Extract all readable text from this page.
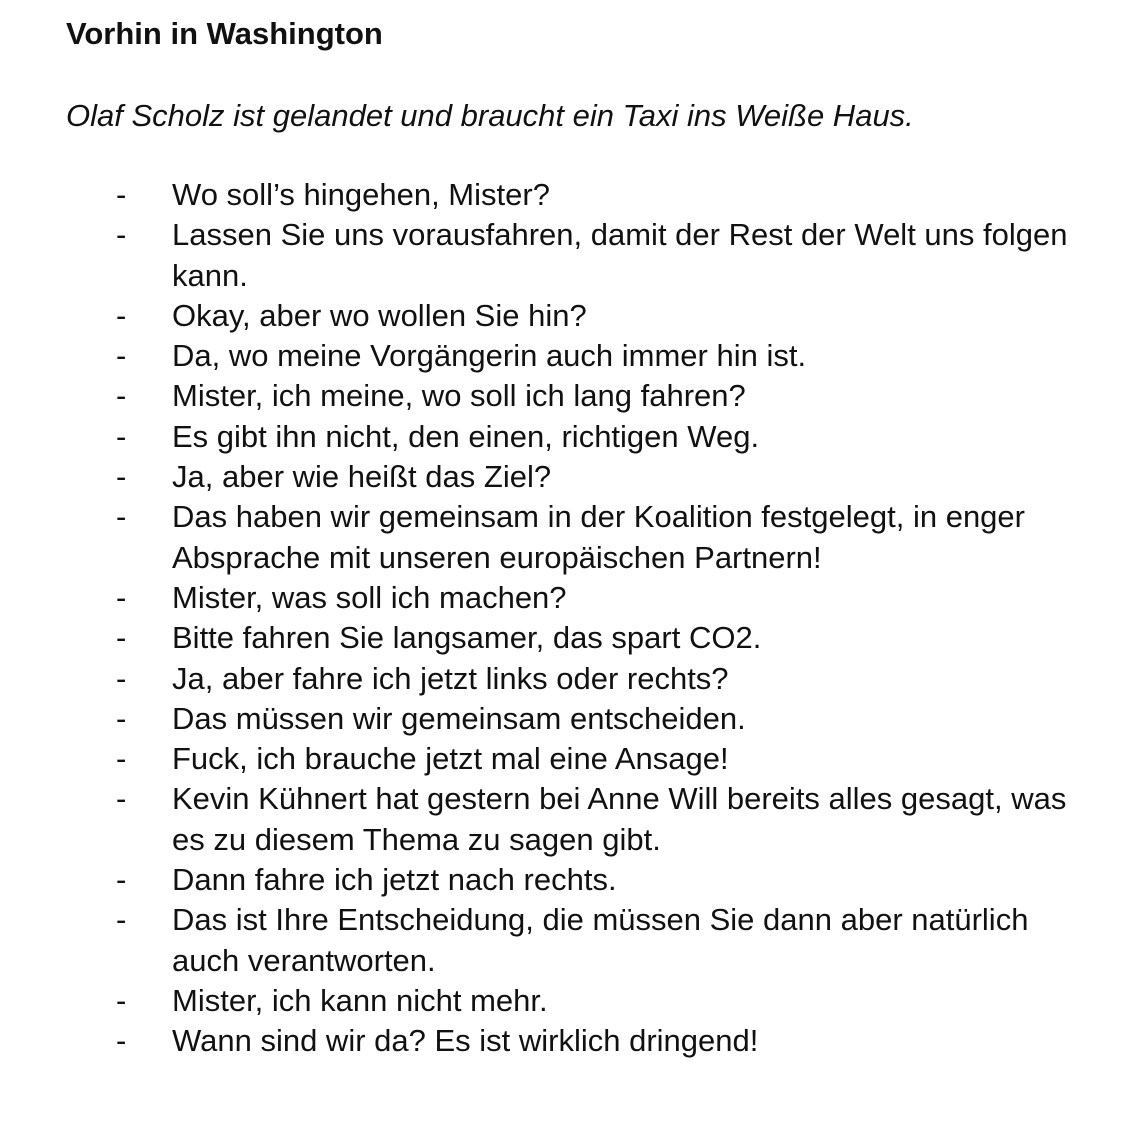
Vorhin in Washington
Olaf Scholz ist gelandet und braucht ein Taxi ins Weiße Haus.
- Wo soll’s hingehen, Mister?
- Lassen Sie uns vorausfahren, damit der Rest der Welt uns folgen kann.
- Okay, aber wo wollen Sie hin?
- Da, wo meine Vorgängerin auch immer hin ist.
- Mister, ich meine, wo soll ich lang fahren?
- Es gibt ihn nicht, den einen, richtigen Weg.
- Ja, aber wie heißt das Ziel?
- Das haben wir gemeinsam in der Koalition festgelegt, in enger Absprache mit unseren europäischen Partnern!
- Mister, was soll ich machen?
- Bitte fahren Sie langsamer, das spart CO2.
- Ja, aber fahre ich jetzt links oder rechts?
- Das müssen wir gemeinsam entscheiden.
- Fuck, ich brauche jetzt mal eine Ansage!
- Kevin Kühnert hat gestern bei Anne Will bereits alles gesagt, was es zu diesem Thema zu sagen gibt.
- Dann fahre ich jetzt nach rechts.
- Das ist Ihre Entscheidung, die müssen Sie dann aber natürlich auch verantworten.
- Mister, ich kann nicht mehr.
- Wann sind wir da? Es ist wirklich dringend!
